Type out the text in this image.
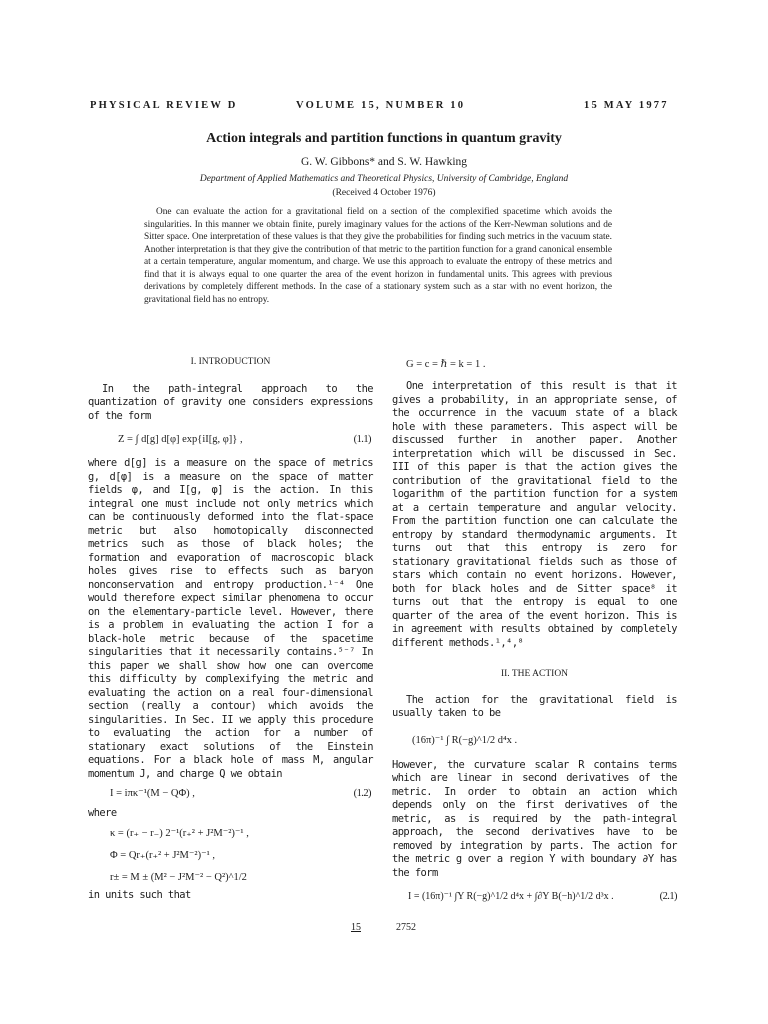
PHYSICAL REVIEW D	VOLUME 15, NUMBER 10	15 MAY 1977
Action integrals and partition functions in quantum gravity
G. W. Gibbons* and S. W. Hawking
Department of Applied Mathematics and Theoretical Physics, University of Cambridge, England
(Received 4 October 1976)
One can evaluate the action for a gravitational field on a section of the complexified spacetime which avoids the singularities. In this manner we obtain finite, purely imaginary values for the actions of the Kerr-Newman solutions and de Sitter space. One interpretation of these values is that they give the probabilities for finding such metrics in the vacuum state. Another interpretation is that they give the contribution of that metric to the partition function for a grand canonical ensemble at a certain temperature, angular momentum, and charge. We use this approach to evaluate the entropy of these metrics and find that it is always equal to one quarter the area of the event horizon in fundamental units. This agrees with previous derivations by completely different methods. In the case of a stationary system such as a star with no event horizon, the gravitational field has no entropy.

I. INTRODUCTION

In the path-integral approach to the quantization of gravity one considers expressions of the form

Z = ∫ d[g] d[φ] exp{iI[g, φ]} ,	(1.1)

where d[g] is a measure on the space of metrics g, d[φ] is a measure on the space of matter fields φ, and I[g, φ] is the action. In this integral one must include not only metrics which can be continuously deformed into the flat-space metric but also homotopically disconnected metrics such as those of black holes; the formation and evaporation of macroscopic black holes gives rise to effects such as baryon nonconservation and entropy production.¹⁻⁴ One would therefore expect similar phenomena to occur on the elementary-particle level. However, there is a problem in evaluating the action I for a black-hole metric because of the spacetime singularities that it necessarily contains.⁵⁻⁷ In this paper we shall show how one can overcome this difficulty by complexifying the metric and evaluating the action on a real four-dimensional section (really a contour) which avoids the singularities. In Sec. II we apply this procedure to evaluating the action for a number of stationary exact solutions of the Einstein equations. For a black hole of mass M, angular momentum J, and charge Q we obtain

I = iπκ⁻¹(M − QΦ) ,	(1.2)

where

κ = (r₊ − r₋) 2⁻¹(r₊² + J²M⁻²)⁻¹ ,
Φ = Qr₊(r₊² + J²M⁻²)⁻¹ ,
r± = M ± (M² − J²M⁻² − Q²)^1/2

in units such that

G = c = ℏ = k = 1 .

One interpretation of this result is that it gives a probability, in an appropriate sense, of the occurrence in the vacuum state of a black hole with these parameters. This aspect will be discussed further in another paper. Another interpretation which will be discussed in Sec. III of this paper is that the action gives the contribution of the gravitational field to the logarithm of the partition function for a system at a certain temperature and angular velocity. From the partition function one can calculate the entropy by standard thermodynamic arguments. It turns out that this entropy is zero for stationary gravitational fields such as those of stars which contain no event horizons. However, both for black holes and de Sitter space⁸ it turns out that the entropy is equal to one quarter of the area of the event horizon. This is in agreement with results obtained by completely different methods.¹,⁴,⁸

II. THE ACTION

The action for the gravitational field is usually taken to be

(16π)⁻¹ ∫ R(−g)^1/2 d⁴x .

However, the curvature scalar R contains terms which are linear in second derivatives of the metric. In order to obtain an action which depends only on the first derivatives of the metric, as is required by the path-integral approach, the second derivatives have to be removed by integration by parts. The action for the metric g over a region Y with boundary ∂Y has the form

I = (16π)⁻¹ ∫Y R(−g)^1/2 d⁴x + ∫∂Y B(−h)^1/2 d³x .	(2.1)
15	2752
